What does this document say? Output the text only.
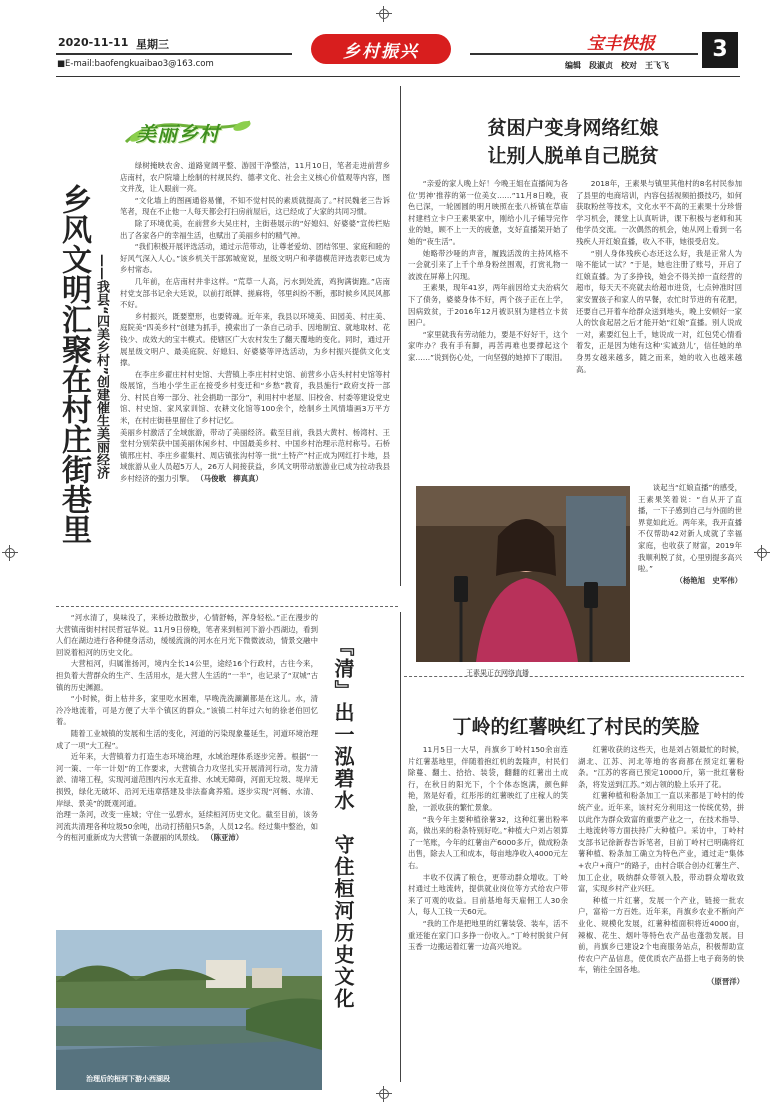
2020-11-11 星期三
■E-mail:baofengkuaibao3@163.com
乡村振兴	宝丰快报	3
编辑　段淑贞　校对　王飞飞
美丽乡村
乡风文明汇聚在村庄街巷里 ——我县“四美乡村”创建催生美丽经济

绿树掩映农舍、道路宽阔平整、游园干净整洁，11月10日，笔者走进前营乡店南村，农户院墙上绘制的村规民约、德孝文化、社会主义核心价值观等内容，图文并茂，让人眼前一亮。

“文化墙上的图画通俗易懂，不知不觉村民的素质就提高了。”村民魏老三告诉笔者，现在不止他一人每天都会打扫房前屋后，这已经成了大家的共同习惯。

除了环境优美，在前营乡大吴庄村，主街巷展示的“好媳妇、好婆婆”宣传栏贴出了各家各户的幸福生活，也赋出了美丽乡村的精气神。

“我们积极开展评选活动，通过示范带动，让尊老爱幼、团结邻里、家庭和睦的好风气深入人心。”该乡机关干部郭城宽说，星级文明户和孝德模范评选表彰已成为乡村常态。

几年前，在店南村井非这样。“荒草一人高，污水到处流，鸡狗满街跑。”店南村党支部书记余大廷说，以前打纸牌、搓麻将，邻里纠纷不断，那时候乡风民风都不好。

乡村振兴，既要塑形，也要铸魂。近年来，我县以环境美、田园美、村庄美、庭院美“四美乡村”创建为抓手，摸索出了一条自己动手、因地制宜、就地取材、花钱少、成效大的宝丰模式。使辖区广大农村发生了翻天覆地的变化。同时，通过开展星级文明户、最美庭院、好媳妇、好婆婆等评选活动，为乡村振兴提供文化支撑。

在李庄乡翟庄村村史馆、大营镇上李庄村村史馆、前营乡小店头村村史馆等村级展馆，当地小学生正在接受乡村变迁和“乡愁”教育，我县施行“政府支持一部分、村民自筹一部分、社会捐助一部分”，利用村中老屋、旧校舍、村委等建设党史馆、村史馆、家风家训馆、农耕文化馆等100余个，绘制乡土风情墙画3万平方米，在村庄街巷里留住了乡村记忆。

美丽乡村激活了全域旅游，带动了美丽经济。截至目前，我县大黄村、杨湾村、王堂村分别荣获中国美丽休闲乡村、中国最美乡村、中国乡村治理示范村称号。石桥镇邢庄村、李庄乡翟集村、周店镇张沟村等一批“土特产”村正成为网红打卡地，县域旅游从业人员超5万人，26万人间接获益，乡风文明带动旅游业已成为拉动我县乡村经济的强力引擎。 （马俊歌　柳真真）
贫困户变身网络红娘
让别人脱单自己脱贫

“亲爱的家人晚上好！今晚王姐在直播间为各位‘男神’推荐的第一位美女……”11月8日晚，夜色已深，一轮圆圆的明月映照在张八桥镇在草庙村建档立卡户王素果家中，刚给小儿子辅导完作业的她，顾不上一天的疲惫，支好直播架开始了她的“夜生活”。

她略带沙哑的声音，履践活泼的主持风格不一会就引来了上千个单身粉丝围观，打赏礼物一波波在屏幕上闪现。

王素果，现年41岁，两年前因给丈夫治病欠下了债务，婆婆身体不好，两个孩子正在上学，因病致贫，于2016年12月被识别为建档立卡贫困户。

“家里就我有劳动能力，要是不好好干，这个家咋办？我有手有脚，再苦再难也要撑起这个家……”说到伤心处，一向坚强的她掉下了眼泪。

2018年，王素果与镇里其他村的8名村民参加了县里的电商培训，内容包括视频拍摄技巧，如何获取粉丝等技术，文化水平不高的王素果十分珍惜学习机会，课堂上认真听讲，课下积极与老师和其他学员交流。一次偶然的机会，她从网上看到一名残疾人开红娘直播，收入不菲，她很受启发。

“别人身体残疾心态还这么好，我是正常人为啥不能试一试？”于是，她也注册了账号，开启了红娘直播。为了多挣钱，她会不得关掉一直经营的超市，每天天不亮就去给超市进货，七点钟准时回家安置孩子和家人的早餐，农忙时节进的有花肥，还要自己开着车给群众送到地头，晚上安顿好一家人的饮食起居之后才能开始“红娘”直播。别人说成一对，素要红包上千，她说成一对，红包凭心情看着发，正是因为她有这种‘实诚劲儿’，信任她的单身男女越来越多，随之而来，她的收入也越来越高。

王素果正在网络直播

谈起当“红娘直播”的感受，王素果笑着说：“自从开了直播，一下子感到自己与外面的世界竟如此近。两年来，我开直播不仅帮助42对新人成就了幸福家庭，也收获了财富，2019年我顺利脱了贫，心里别提多高兴啦。”

（杨艳旭　史军伟）

“河水清了，臭味没了，来桥边散散步，心情舒畅，浑身轻松。”正在漫步的大营镇南街村村民哲冠华说。11月9日傍晚，笔者来到桓河下游小西湖边，看到人们在湖边进行各种健身活动，缓缓流淌的河水在月光下微微波动，情景交融中回说着桓河的历史文化。

大营桓河，归属淮扬河，境内全长14公里，途经16个行政村，古往今来，担负着大营群众的生产、生活用水，是大营人生活的“一半”，也记录了“双城”古镇的历史渊源。

“小时候，街上枯井多，家里吃水困难，早晚洗洗涮涮都是在这儿。水，清冷冷地流着，可是方便了大半个镇区的群众。”该镇二村年过六旬的徐老伯回忆着。

随着工业城镇的发展和生活的变化，河道的污染现象蔓延生，河道环境治理成了一项“大工程”。

近年来，大营镇着力打造生态环境治理，水域治理体系逐步完善。根据“一河一策、一年一计划”的工作要求，大营镇合力攻坚扎实开展清河行动，发力清淤、清堵工程，实现河道范围内污水无直排、水域无障碍，河面无垃圾、堤岸无损毁，绿化无破坏、沿河无违章搭建及非法畜禽养殖。逐步实现“河畅、水清、岸绿、景美”的既观河道。

治理一条河，改变一座城；守住一弘碧水，延续桓河历史文化。截至目前，该务河流共清理各种垃圾50余吨，出动打捞船只5条，人员12名。经过集中整治，如今的桓河重新成为大营镇一条靓丽的风景线。 （陈亚沛）	『清』出一泓碧水　守住桓河历史文化
治理后的桓河下游小西湖段
丁岭的红薯映红了村民的笑脸

11月5日一大早，肖旗乡丁岭村150余亩连片红薯基地里，伴随着抱红机的轰隆声，村民们除蔓、翻土、拾拾、装袋，翻翻的红薯出土成行，在秋日的阳光下，个个体态饱满，颜色鲜艳，煞是好看，红彤彤的红薯映红了庄稼人的笑脸，一派收获的繁忙景象。

“我今年主要种植徐薯32，这种红薯出粉率高，做出来的粉条特别好吃。”种植大户刘占领算了一笔账，今年的红薯亩产6000多斤，做成粉条出售，除去人工和成本，每亩地净收入4000元左右。

丰收不仅满了粮仓，更带动群众增收。丁岭村通过土地流转，提供就业岗位等方式给农户带来了可观的收益。目前基地每天雇佣工人30余人，每人工钱一天60元。

“我的工作是把地里的红薯装袋、装车，活不重还能在家门口多挣一份收入。”丁岭村脱贫户何玉香一边搬运着红薯一边高兴地说。

红薯收获的这些天，也是刘占领最忙的时候，湖北、江苏、河北等地的客商都在预定红薯粉条。“江苏的客商已预定10000斤，第一批红薯粉条，将发送到江苏。”刘占领的脸上乐开了花。

红薯种植和粉条加工一直以来都是丁岭村的传统产业。近年来，该村充分利用这一传统优势，拼以此作为群众致富的重要产业之一，在技术指导、土地流转等方面扶持广大种植户。采访中，丁岭村支部书记徐新春告诉笔者，目前丁岭村已明确将红薯种植、粉条加工确立为特色产业，通过走“集体+农户+商户”的路子，由村合联合创办红薯生产、加工企业，吸纳群众带领入股，带动群众增收致富，实现乡村产业兴旺。

种植一片红薯，发展一个产业，链接一批农户，富裕一方百姓。近年来，肖旗乡农业不断向产业化、规模化发展，红薯种植面积将近4000亩，辣椒、花生、烟叶等特色农产品也蓬勃发展。目前，肖旗乡已建设2个电商服务站点，积极帮助宣传农户产品信息，使优质农产品搭上电子商务的快车，销往全国各地。

（原晋洋）
